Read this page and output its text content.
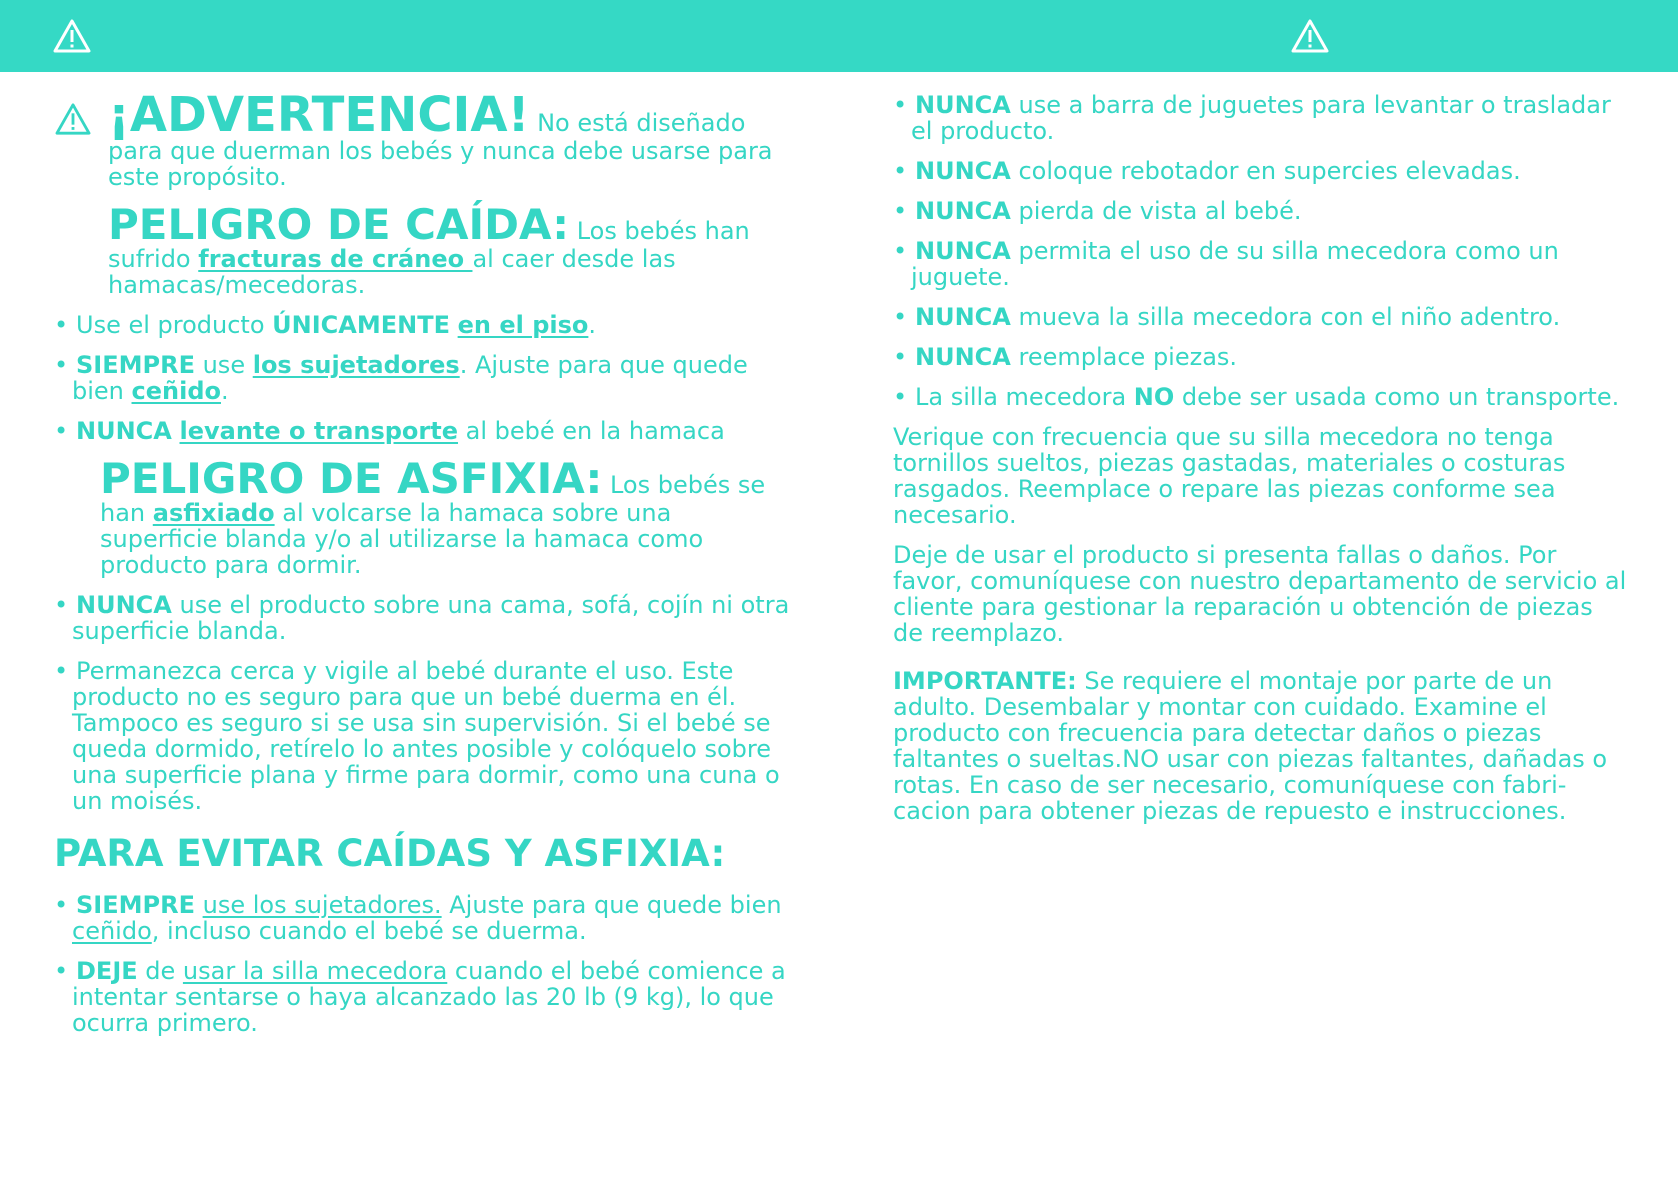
¡ADVERTENCIA! No está diseñado para que duerman los bebés y nunca debe usarse para este propósito.

PELIGRO DE CAÍDA: Los bebés han sufrido fracturas de cráneo al caer desde las hamacas/mecedoras.

• Use el producto ÚNICAMENTE en el piso.

• SIEMPRE use los sujetadores. Ajuste para que quede bien ceñido.

• NUNCA levante o transporte al bebé en la hamaca

PELIGRO DE ASFIXIA: Los bebés se han asfixiado al volcarse la hamaca sobre una superficie blanda y/o al utilizarse la hamaca como producto para dormir.

• NUNCA use el producto sobre una cama, sofá, cojín ni otra superficie blanda.

• Permanezca cerca y vigile al bebé durante el uso. Este producto no es seguro para que un bebé duerma en él. Tampoco es seguro si se usa sin supervisión. Si el bebé se queda dormido, retírelo lo antes posible y colóquelo sobre una superficie plana y firme para dormir, como una cuna o un moisés.

PARA EVITAR CAÍDAS Y ASFIXIA:

• SIEMPRE use los sujetadores. Ajuste para que quede bien ceñido, incluso cuando el bebé se duerma.

• DEJE de usar la silla mecedora cuando el bebé comience a intentar sentarse o haya alcanzado las 20 lb (9 kg), lo que ocurra primero.

• NUNCA use a barra de juguetes para levantar o trasladar el producto.

• NUNCA coloque rebotador en supercies elevadas.

• NUNCA pierda de vista al bebé.

• NUNCA permita el uso de su silla mecedora como un juguete.

• NUNCA mueva la silla mecedora con el niño adentro.

• NUNCA reemplace piezas.

• La silla mecedora NO debe ser usada como un transporte.

Verique con frecuencia que su silla mecedora no tenga tornillos sueltos, piezas gastadas, materiales o costuras rasgados. Reemplace o repare las piezas conforme sea necesario.

Deje de usar el producto si presenta fallas o daños. Por favor, comuníquese con nuestro departamento de servicio al cliente para gestionar la reparación u obtención de piezas de reemplazo.

IMPORTANTE: Se requiere el montaje por parte de un adulto. Desembalar y montar con cuidado. Examine el producto con frecuencia para detectar daños o piezas faltantes o sueltas.NO usar con piezas faltantes, dañadas o rotas. En caso de ser necesario, comuníquese con fabri-cacion para obtener piezas de repuesto e instrucciones.
